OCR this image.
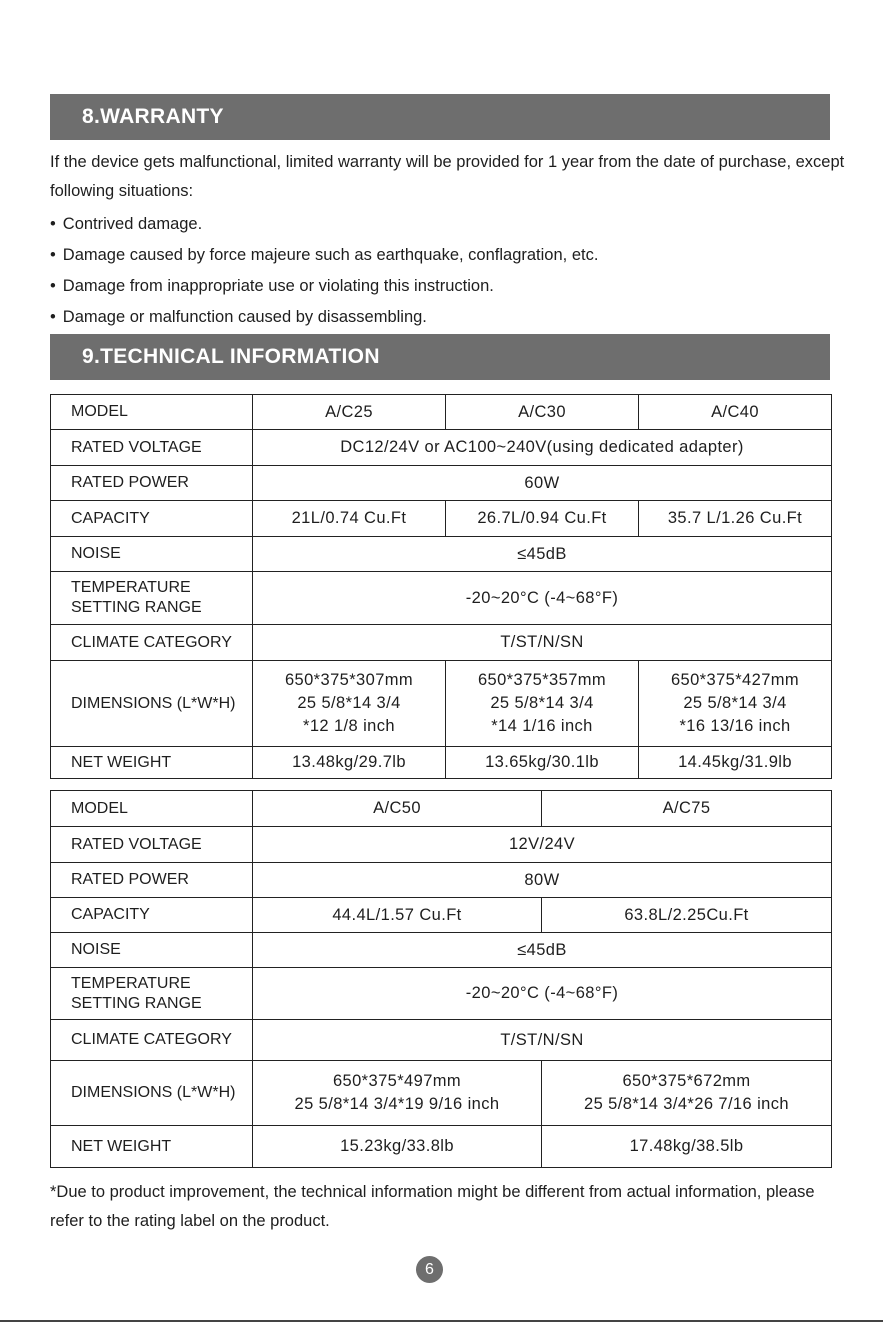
8.WARRANTY
If the device gets malfunctional, limited warranty will be provided for 1 year from the date of purchase, except following situations:
• Contrived damage.
• Damage caused by force majeure such as earthquake, conflagration, etc.
• Damage from inappropriate use or violating this instruction.
• Damage or malfunction caused by disassembling.
9.TECHNICAL INFORMATION
MODEL	A/C25	A/C30	A/C40
RATED VOLTAGE	DC12/24V or AC100~240V(using dedicated adapter)		
RATED POWER	60W		
CAPACITY	21L/0.74 Cu.Ft	26.7L/0.94 Cu.Ft	35.7 L/1.26 Cu.Ft
NOISE	≤45dB		

TEMPERATURE
SETTING RANGE	-20~20°C (-4~68°F)		
CLIMATE CATEGORY	T/ST/N/SN		
DIMENSIONS (L*W*H)	650*375*307mm
25 5/8*14 3/4
*12 1/8 inch	650*375*357mm
25 5/8*14 3/4
*14 1/16 inch	650*375*427mm
25 5/8*14 3/4
*16 13/16 inch

NET WEIGHT	13.48kg/29.7lb	13.65kg/30.1lb	14.45kg/31.9lb
MODEL	A/C50	A/C75
RATED VOLTAGE	12V/24V	
RATED POWER	80W	
CAPACITY	44.4L/1.57 Cu.Ft	63.8L/2.25Cu.Ft
NOISE	≤45dB	

TEMPERATURE
SETTING RANGE	-20~20°C (-4~68°F)	
CLIMATE CATEGORY	T/ST/N/SN	
DIMENSIONS (L*W*H)	650*375*497mm
25 5/8*14 3/4*19 9/16 inch	650*375*672mm
25 5/8*14 3/4*26 7/16 inch

NET WEIGHT	15.23kg/33.8lb	17.48kg/38.5lb
*Due to product improvement, the technical information might be different from actual information, please refer to the rating label on the product.
6
